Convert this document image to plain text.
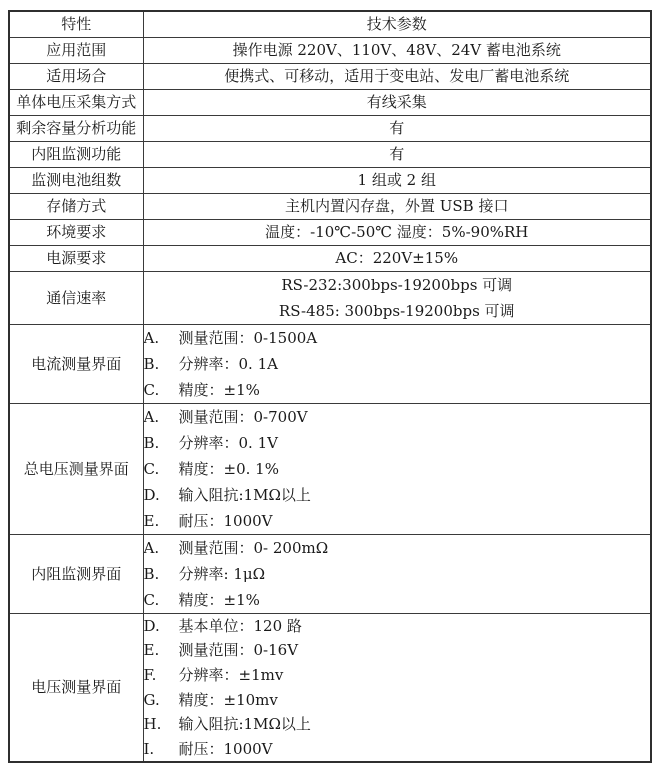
特性	技术参数
应用范围	操作电源 220V、110V、48V、24V 蓄电池系统
适用场合	便携式、可移动，适用于变电站、发电厂蓄电池系统
单体电压采集方式	有线采集
剩余容量分析功能	有
内阻监测功能	有
监测电池组数	1 组或 2 组
存储方式	主机内置闪存盘，外置 USB 接口
环境要求	温度：-10℃-50℃ 湿度：5%-90%RH
电源要求	AC：220V±15%
通信速率	RS-232:300bps-19200bps 可调
RS-485: 300bps-19200bps 可调

电流测量界面	
A.	测量范围：0-1500A
B.	分辨率：0. 1A
C.	精度：±1%

总电压测量界面	
A.	测量范围：0-700V
B.	分辨率：0. 1V
C.	精度：±0. 1%
D.	输入阻抗:1MΩ以上
E.	耐压：1000V

内阻监测界面	
A.	测量范围：0- 200mΩ
B.	分辨率: 1μΩ
C.	精度：±1%

电压测量界面	
D.	基本单位：120 路
E.	测量范围：0-16V
F.	分辨率：±1mv
G.	精度：±10mv
H.	输入阻抗:1MΩ以上
I.	耐压：1000V
